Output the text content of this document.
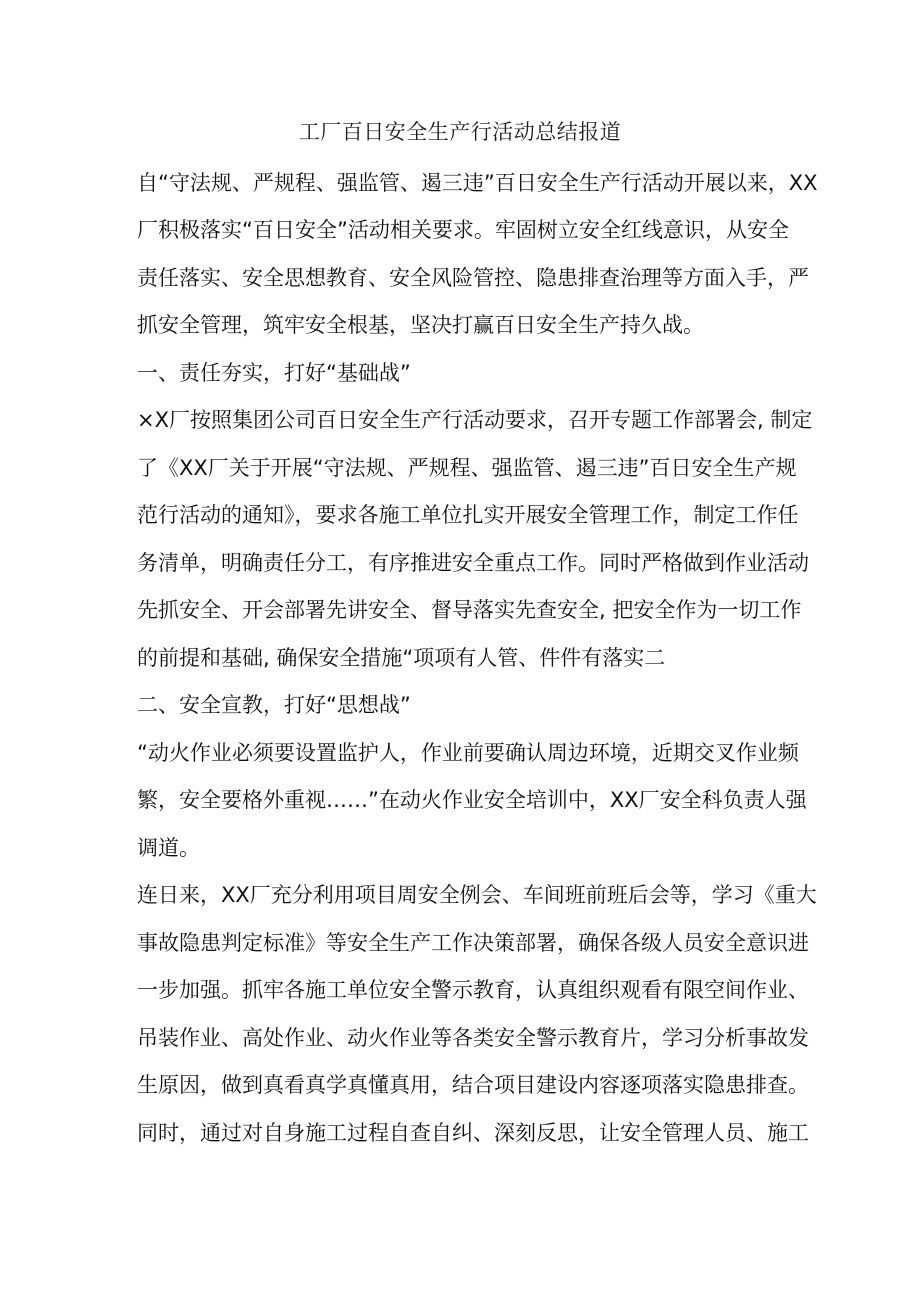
工厂百日安全生产行活动总结报道
自“守法规、严规程、强监管、遏三违”百日安全生产行活动开展以来，XX
厂积极落实“百日安全”活动相关要求。牢固树立安全红线意识，从安全
责任落实、安全思想教育、安全风险管控、隐患排查治理等方面入手，严
抓安全管理，筑牢安全根基，坚决打赢百日安全生产持久战。
一、责任夯实，打好“基础战”
×X厂按照集团公司百日安全生产行活动要求，召开专题工作部署会, 制定
了《XX厂关于开展“守法规、严规程、强监管、遏三违”百日安全生产规
范行活动的通知》，要求各施工单位扎实开展安全管理工作，制定工作任
务清单，明确责任分工，有序推进安全重点工作。同时严格做到作业活动
先抓安全、开会部署先讲安全、督导落实先查安全, 把安全作为一切工作
的前提和基础, 确保安全措施“项项有人管、件件有落实二
二、安全宣教，打好“思想战”
“动火作业必须要设置监护人，作业前要确认周边环境，近期交叉作业频
繁，安全要格外重视……”在动火作业安全培训中，XX厂安全科负责人强
调道。
连日来，XX厂充分利用项目周安全例会、车间班前班后会等，学习《重大
事故隐患判定标准》等安全生产工作决策部署，确保各级人员安全意识进
一步加强。抓牢各施工单位安全警示教育，认真组织观看有限空间作业、
吊装作业、高处作业、动火作业等各类安全警示教育片，学习分析事故发
生原因，做到真看真学真懂真用，结合项目建设内容逐项落实隐患排查。
同时，通过对自身施工过程自查自纠、深刻反思，让安全管理人员、施工
